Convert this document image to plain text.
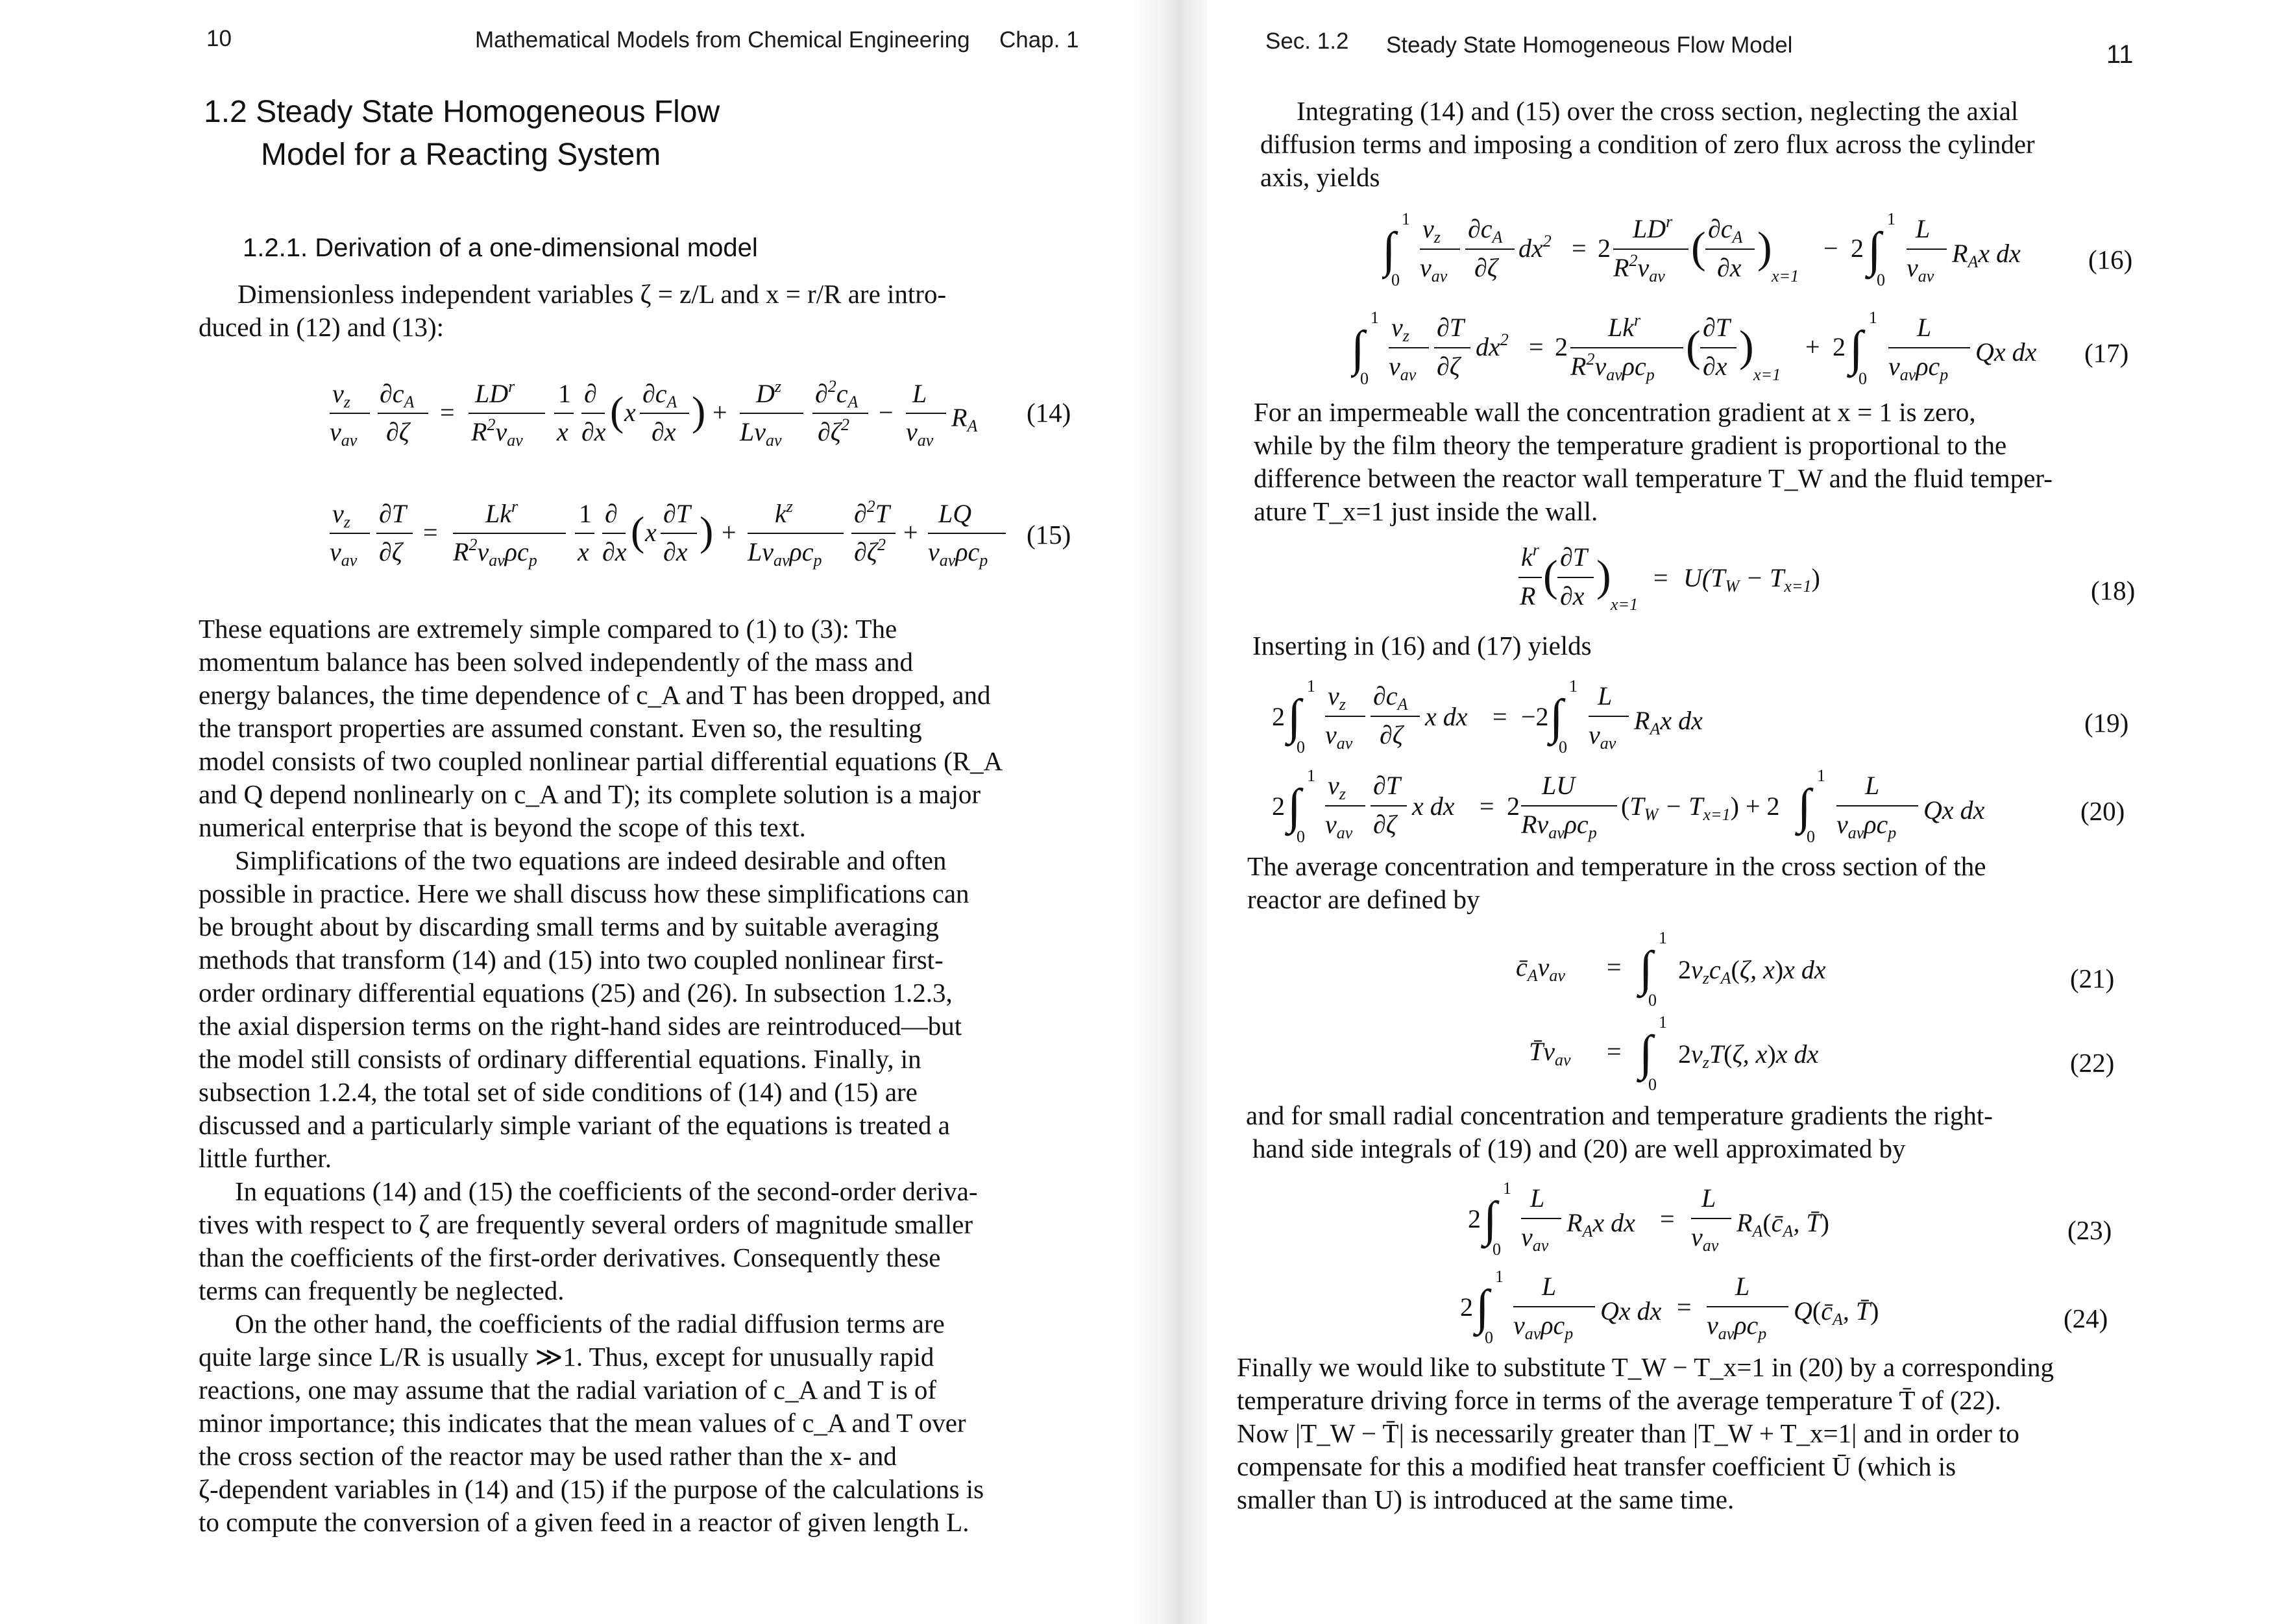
10	Mathematical Models from Chemical Engineering Chap. 1
1.2 Steady State Homogeneous Flow
Model for a Reacting System
1.2.1. Derivation of a one-dimensional model
Dimensionless independent variables ζ = z/L and x = r/R are intro-
duced in (12) and (13):
$v_z$
$v_{av}$
$\partial c_A$
∂ζ
=
$LD^r$
$R^2v_{av}$
1
x
∂
∂x ( x
$\partial c_A$
∂x ) +
$D^z$
$Lv_{av}$
$\partial^2c_A$
$\partial\zeta^2$ −
L
$v_{av}$
$R_A$ (14)
$v_z$
$v_{av}$
∂T
∂ζ
=
$Lk^r$
$R^2v_{av}\rho c_p$
1
x
∂
∂x ( x
∂T
∂x ) +
$k^z$
$Lv_{av}\rho c_p$
∂$^2$T
$\partial\zeta^2$ +
LQ
$v_{av}\rho c_p$
(15)
These equations are extremely simple compared to (1) to (3): The
momentum balance has been solved independently of the mass and
energy balances, the time dependence of c_A and T has been dropped, and
the transport properties are assumed constant. Even so, the resulting
model consists of two coupled nonlinear partial differential equations (R_A
and Q depend nonlinearly on c_A and T); its complete solution is a major
numerical enterprise that is beyond the scope of this text.
Simplifications of the two equations are indeed desirable and often
possible in practice. Here we shall discuss how these simplifications can
be brought about by discarding small terms and by suitable averaging
methods that transform (14) and (15) into two coupled nonlinear first-
order ordinary differential equations (25) and (26). In subsection 1.2.3,
the axial dispersion terms on the right-hand sides are reintroduced—but
the model still consists of ordinary differential equations. Finally, in
subsection 1.2.4, the total set of side conditions of (14) and (15) are
discussed and a particularly simple variant of the equations is treated a
little further.
In equations (14) and (15) the coefficients of the second-order deriva-
tives with respect to ζ are frequently several orders of magnitude smaller
than the coefficients of the first-order derivatives. Consequently these
terms can frequently be neglected.
On the other hand, the coefficients of the radial diffusion terms are
quite large since L/R is usually ≫1. Thus, except for unusually rapid
reactions, one may assume that the radial variation of c_A and T is of
minor importance; this indicates that the mean values of c_A and T over
the cross section of the reactor may be used rather than the x- and
ζ-dependent variables in (14) and (15) if the purpose of the calculations is
to compute the conversion of a given feed in a reactor of given length L.
Sec. 1.2 Steady State Homogeneous Flow Model	11
Integrating (14) and (15) over the cross section, neglecting the axial
diffusion terms and imposing a condition of zero flux across the cylinder
axis, yields
∫
1
0
$v_z$
$v_{av}$
$\partial c_A$
∂ζ
$dx^2 = 2$
$LD^r$
$R^2v_{av}$
( $\partial c_A$
∂x )
x=1
− 2 ∫
1
0
L
$v_{av}$
$R_Ax$ dx	(16)
∫
1
0
$v_z$
$v_{av}$
∂T
∂ζ
$dx^2 = 2$
Lk$^r$
$R^2v_{av}\rho c_p$
( ∂T
∂x )
x=1
+ 2 ∫
1
0
L
$v_{av}\rho c_p$
Qx dx (17)
For an impermeable wall the concentration gradient at x = 1 is zero,
while by the film theory the temperature gradient is proportional to the
difference between the reactor wall temperature T_W and the fluid temper-
ature T_x=1 just inside the wall.
$k^r$
R ( ∂T
∂x )
x=1
= $U(T_W - T_{x=1})$	(18)
Inserting in (16) and (17) yields
2 ∫
1
0
$v_z$
$v_{av}$
$\partial c_A$
∂ζ
x dx = −2 ∫
1
0
L
$v_{av}$
$R_Ax$ dx	(19)
2 ∫
1
0
$v_z$
$v_{av}$
∂T
∂ζ
x dx = 2
LU
$Rv_{av}\rho c_p$
$(T_W - T_{x=1}) + 2$ ∫
1
0
L
$v_{av}\rho c_p$
Qx dx	(20)
The average concentration and temperature in the cross section of the
reactor are defined by
$c̄_Av_{av}$ = ∫
1
0
$2v_zc_A(\zeta$, x)x dx	(21)
$T̄v_{av}$ = ∫
1
0
$2v_zT(\zeta$, x)x dx	(22)
and for small radial concentration and temperature gradients the right-
hand side integrals of (19) and (20) are well approximated by
2 ∫
1
0
L
$v_{av}$
$R_Ax$ dx =
L
$v_{av}$
$R_A(c̄_A$, T̄)	(23)
2 ∫
1
0
L
$v_{av}\rho c_p$
Qx dx =
L
$v_{av}\rho c_p$
$Q(c̄_A$, T̄)	(24)
Finally we would like to substitute T_W − T_x=1 in (20) by a corresponding
temperature driving force in terms of the average temperature T̄ of (22).
Now |T_W − T̄| is necessarily greater than |T_W + T_x=1| and in order to
compensate for this a modified heat transfer coefficient Ū (which is
smaller than U) is introduced at the same time.
